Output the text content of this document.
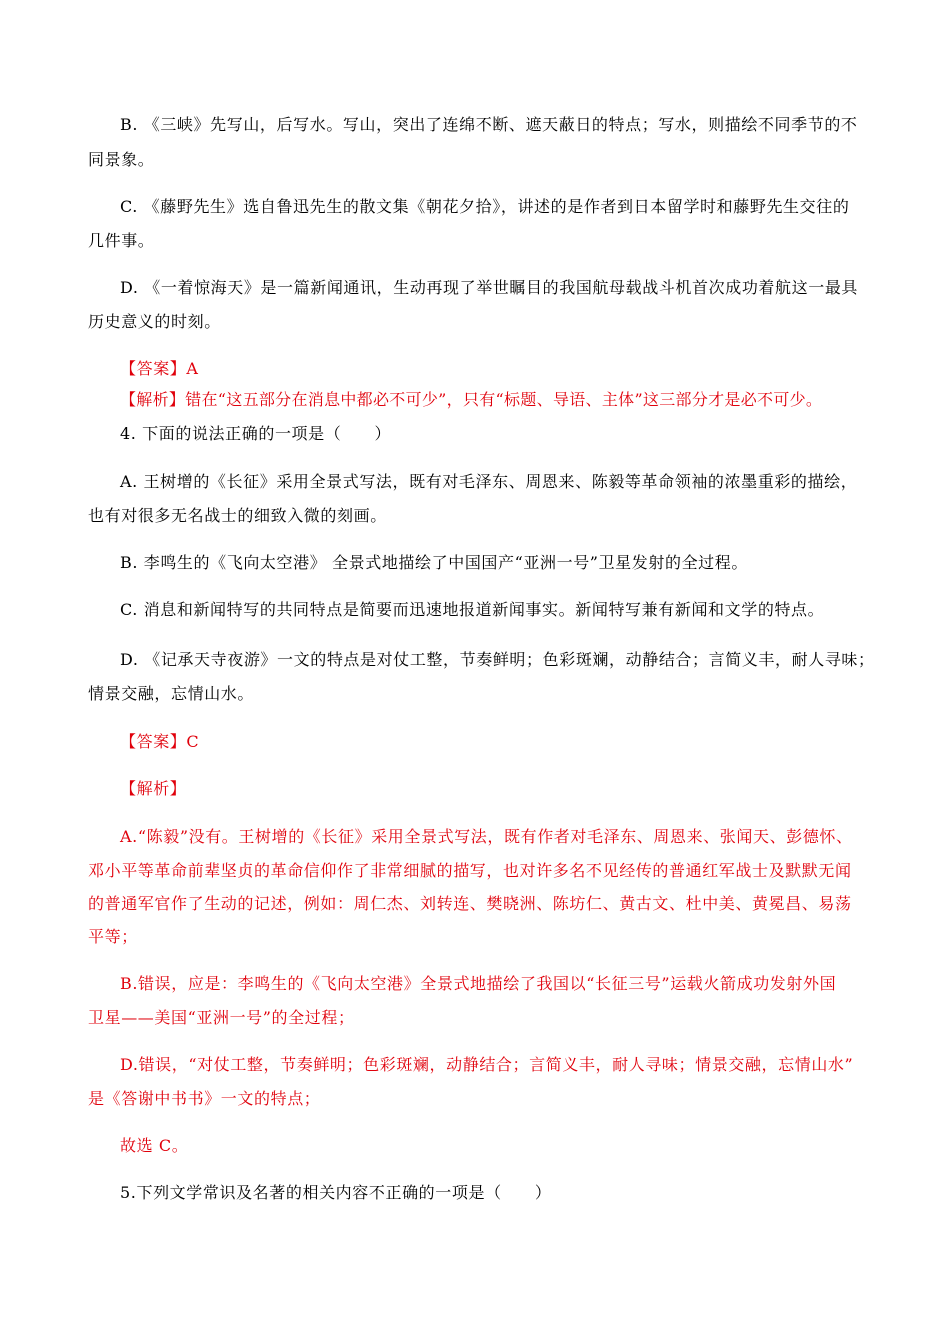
B. 《三峡》先写山，后写水。写山，突出了连绵不断、遮天蔽日的特点；写水，则描绘不同季节的不
同景象。
C. 《藤野先生》选自鲁迅先生的散文集《朝花夕拾》，讲述的是作者到日本留学时和藤野先生交往的
几件事。
D. 《一着惊海天》是一篇新闻通讯，生动再现了举世瞩目的我国航母载战斗机首次成功着航这一最具
历史意义的时刻。
【答案】A
【解析】错在“这五部分在消息中都必不可少”，只有“标题、导语、主体”这三部分才是必不可少。
4. 下面的说法正确的一项是（　　）
A. 王树增的《长征》采用全景式写法，既有对毛泽东、周恩来、陈毅等革命领袖的浓墨重彩的描绘，
也有对很多无名战士的细致入微的刻画。
B. 李鸣生的《飞向太空港》 全景式地描绘了中国国产“亚洲一号”卫星发射的全过程。
C. 消息和新闻特写的共同特点是简要而迅速地报道新闻事实。新闻特写兼有新闻和文学的特点。
D. 《记承天寺夜游》一文的特点是对仗工整，节奏鲜明；色彩斑斓，动静结合；言简义丰，耐人寻味；
情景交融，忘情山水。
【答案】C
【解析】
A.“陈毅”没有。王树增的《长征》采用全景式写法，既有作者对毛泽东、周恩来、张闻天、彭德怀、
邓小平等革命前辈坚贞的革命信仰作了非常细腻的描写，也对许多名不见经传的普通红军战士及默默无闻
的普通军官作了生动的记述，例如：周仁杰、刘转连、樊晓洲、陈坊仁、黄古文、杜中美、黄冕昌、易荡
平等；
B.错误，应是：李鸣生的《飞向太空港》全景式地描绘了我国以“长征三号”运载火箭成功发射外国
卫星——美国“亚洲一号”的全过程；
D.错误，“对仗工整，节奏鲜明；色彩斑斓，动静结合；言简义丰，耐人寻味；情景交融，忘情山水”
是《答谢中书书》一文的特点；
故选 C。
5.下列文学常识及名著的相关内容不正确的一项是（　　）
